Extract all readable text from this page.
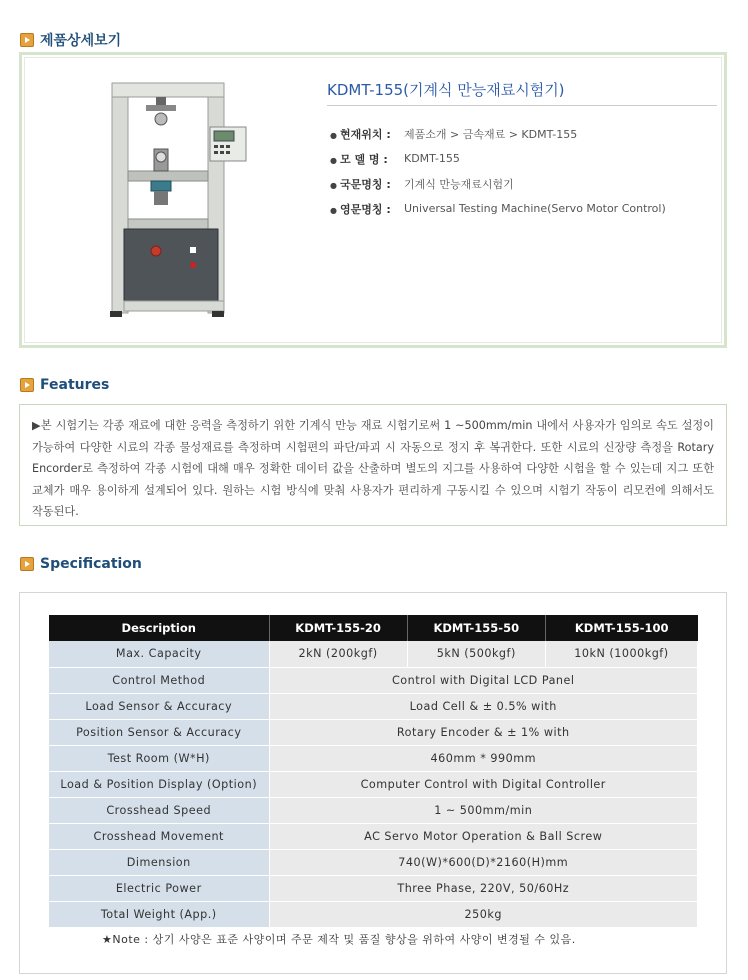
제품상세보기
KDMT-155(기계식 만능재료시험기)
● 현재위치 :	제품소개 > 금속재료 > KDMT-155
● 모 델 명 :	KDMT-155
● 국문명칭 :	기계식 만능재료시험기
● 영문명칭 :	Universal Testing Machine(Servo Motor Control)
Features

▶본 시험기는 각종 재료에 대한 응력을 측정하기 위한 기계식 만능 재료 시험기로써 1 ~500mm/min 내에서 사용자가 임의로 속도 설정이 가능하여 다양한 시료의 각종 물성재료를 측정하며 시험편의 파단/파괴 시 자동으로 정지 후 복귀한다. 또한 시료의 신장량 측정을 Rotary Encorder로 측정하여 각종 시험에 대해 매우 정확한 데이터 값을 산출하며 별도의 지그를 사용하여 다양한 시험을 할 수 있는데 지그 또한 교체가 매우 용이하게 설계되어 있다. 원하는 시험 방식에 맞춰 사용자가 편리하게 구동시킬 수 있으며 시험기 작동이 리모컨에 의해서도 작동된다.

Specification
Description	KDMT-155-20	KDMT-155-50	KDMT-155-100
Max. Capacity	2kN (200kgf)	5kN (500kgf)	10kN (1000kgf)
Control Method	Control with Digital LCD Panel		
Load Sensor & Accuracy	Load Cell & ± 0.5% with		
Position Sensor & Accuracy	Rotary Encoder & ± 1% with		
Test Room (W*H)	460mm * 990mm		
Load & Position Display (Option)	Computer Control with Digital Controller		
Crosshead Speed	1 ~ 500mm/min		
Crosshead Movement	AC Servo Motor Operation & Ball Screw		
Dimension	740(W)*600(D)*2160(H)mm		
Electric Power	Three Phase, 220V, 50/60Hz		
Total Weight (App.)	250kg		
★Note : 상기 사양은 표준 사양이며 주문 제작 및 품질 향상을 위하여 사양이 변경될 수 있음.
